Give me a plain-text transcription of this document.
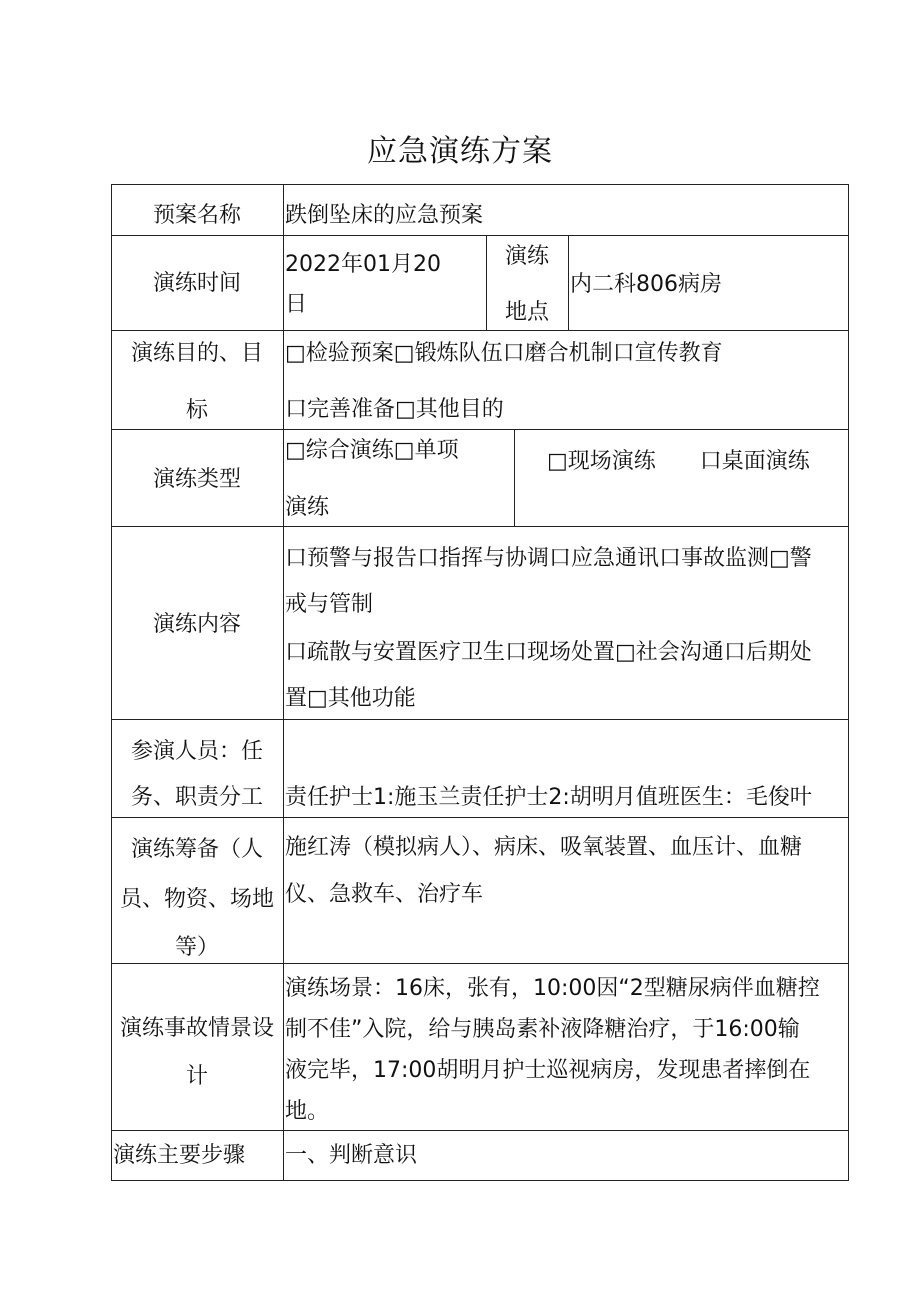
应急演练方案
预案名称	跌倒坠床的应急预案
演练时间
2022年01月20
日
演练
地点
内二科806病房
演练目的、目
标
□检验预案□锻炼队伍口磨合机制口宣传教育
口完善准备□其他目的
演练类型
□综合演练□单项
演练
□现场演练　　口桌面演练
演练内容
口预警与报告口指挥与协调口应急通讯口事故监测□警
戒与管制
口疏散与安置医疗卫生口现场处置□社会沟通口后期处
置□其他功能
参演人员：任
务、职责分工	责任护士1:施玉兰责任护士2:胡明月值班医生：毛俊叶
演练筹备（人
员、物资、场地
等）
施红涛（模拟病人）、病床、吸氧装置、血压计、血糖
仪、急救车、治疗车
演练事故情景设
计
演练场景：16床，张有，10:00因“2型糖尿病伴血糖控
制不佳”入院，给与胰岛素补液降糖治疗，于16:00输
液完毕，17:00胡明月护士巡视病房，发现患者摔倒在
地。
演练主要步骤 一、判断意识
